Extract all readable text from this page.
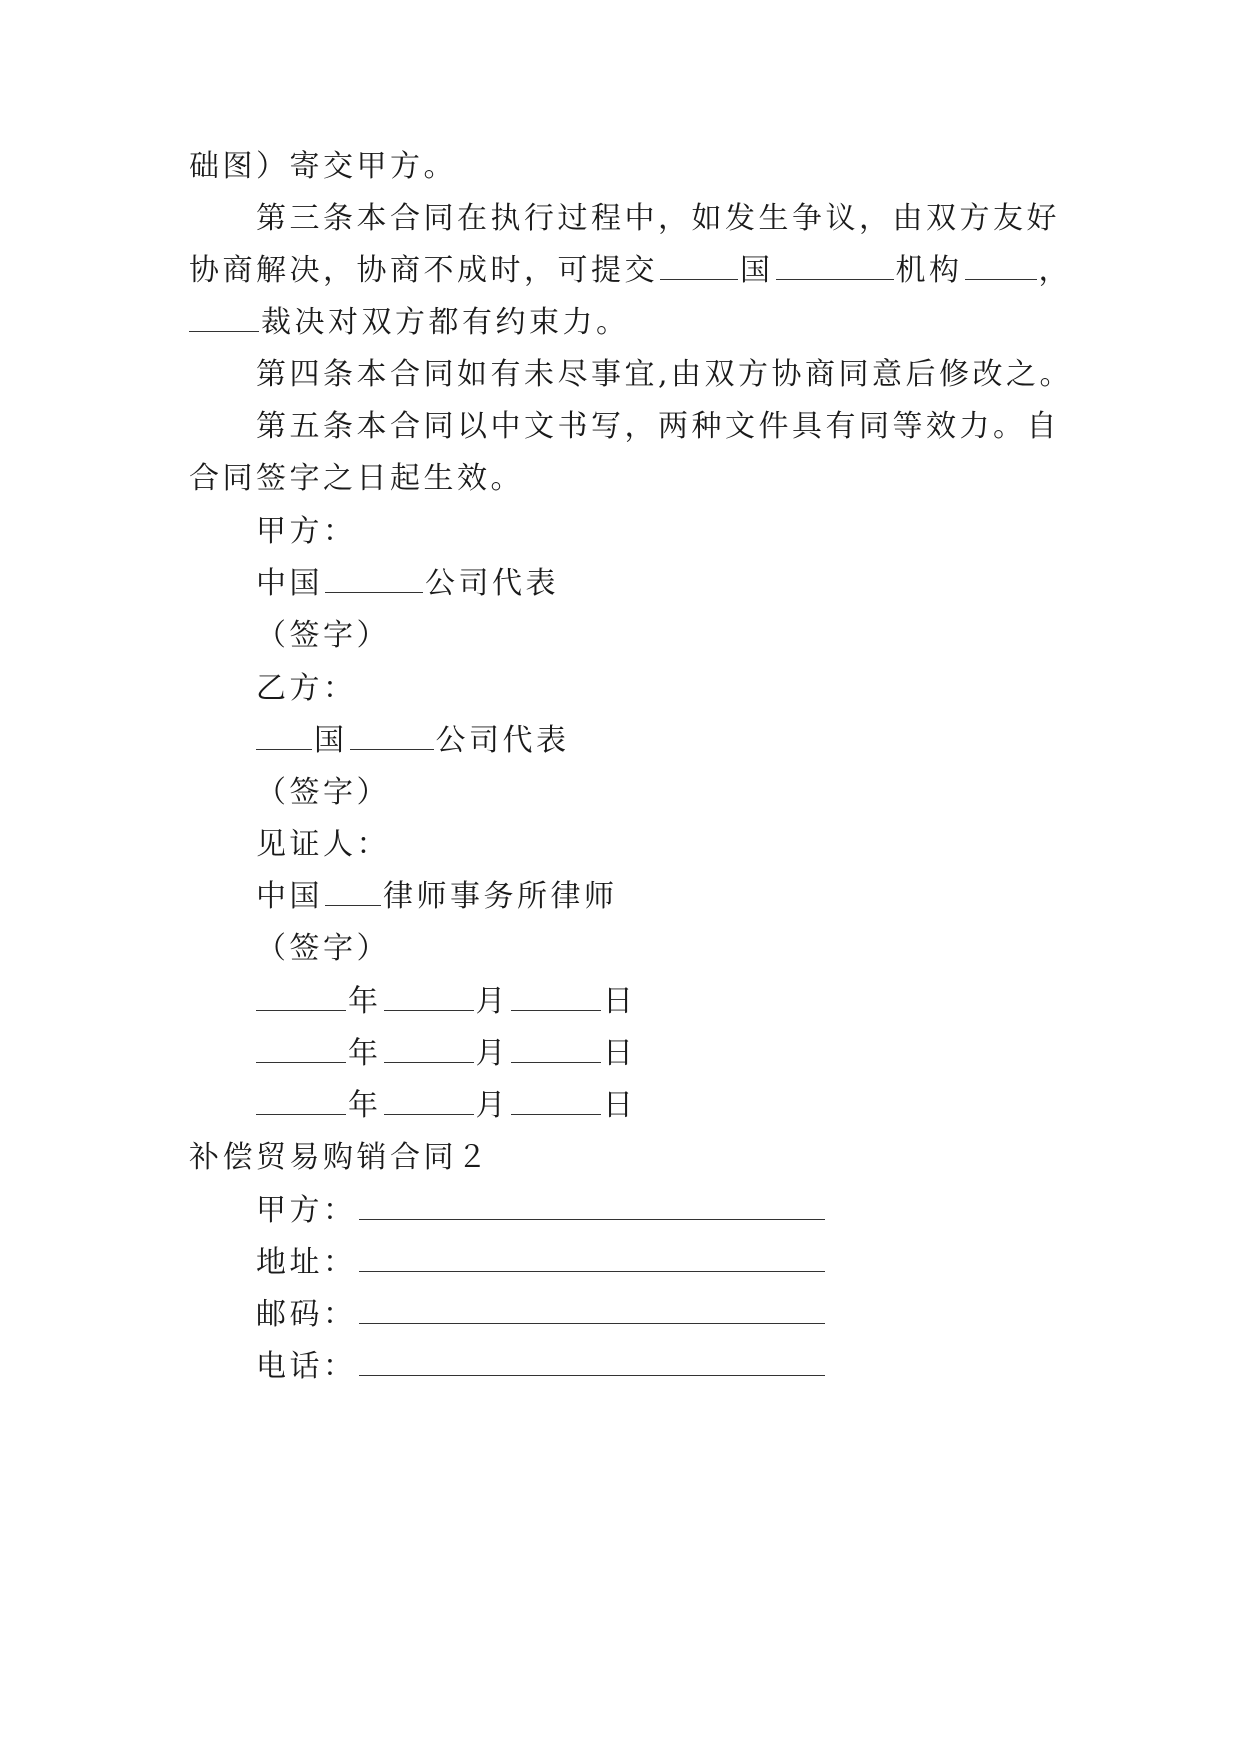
础图）寄交甲方。
第三条本合同在执行过程中，如发生争议，由双方友好
协商解决，协商不成时，可提交	国	机构	，
裁决对双方都有约束力。
第四条本合同如有未尽事宜,由双方协商同意后修改之。
第五条本合同以中文书写，两种文件具有同等效力。自
合同签字之日起生效。
甲方：
中国	公司代表
（签字）
乙方：
国	公司代表
（签字）
见证人：
中国 律师事务所律师
（签字）
年	月	日
年	月	日
年	月	日
补偿贸易购销合同２
甲方：
地址：
邮码：
电话：
